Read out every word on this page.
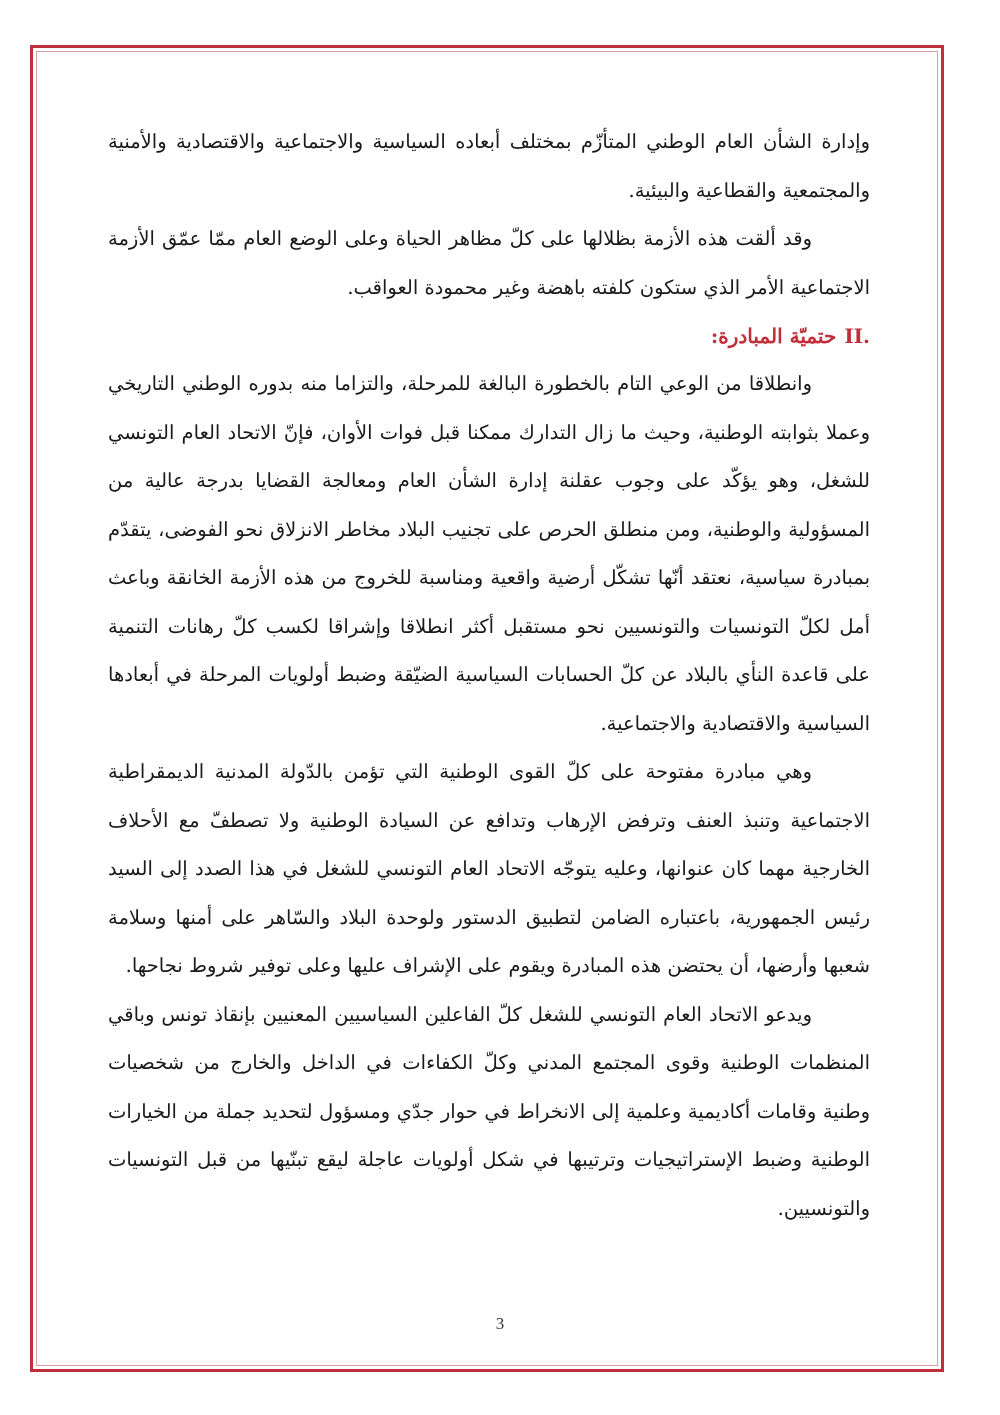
وإدارة الشأن العام الوطني المتأزّم بمختلف أبعاده السياسية والاجتماعية والاقتصادية والأمنية والمجتمعية والقطاعية والبيئية.

وقد ألقت هذه الأزمة بظلالها على كلّ مظاهر الحياة وعلى الوضع العام ممّا عمّق الأزمة الاجتماعية الأمر الذي ستكون كلفته باهضة وغير محمودة العواقب.

II.حتميّة المبادرة:

وانطلاقا من الوعي التام بالخطورة البالغة للمرحلة، والتزاما منه بدوره الوطني التاريخي وعملا بثوابته الوطنية، وحيث ما زال التدارك ممكنا قبل فوات الأوان، فإنّ الاتحاد العام التونسي للشغل، وهو يؤكّد على وجوب عقلنة إدارة الشأن العام ومعالجة القضايا بدرجة عالية من المسؤولية والوطنية، ومن منطلق الحرص على تجنيب البلاد مخاطر الانزلاق نحو الفوضى، يتقدّم بمبادرة سياسية، نعتقد أنّها تشكّل أرضية واقعية ومناسبة للخروج من هذه الأزمة الخانقة وباعث أمل لكلّ التونسيات والتونسيين نحو مستقبل أكثر انطلاقا وإشراقا لكسب كلّ رهانات التنمية على قاعدة النأي بالبلاد عن كلّ الحسابات السياسية الضيّقة وضبط أولويات المرحلة في أبعادها السياسية والاقتصادية والاجتماعية.

وهي مبادرة مفتوحة على كلّ القوى الوطنية التي تؤمن بالدّولة المدنية الديمقراطية الاجتماعية وتنبذ العنف وترفض الإرهاب وتدافع عن السيادة الوطنية ولا تصطفّ مع الأحلاف الخارجية مهما كان عنوانها، وعليه يتوجّه الاتحاد العام التونسي للشغل في هذا الصدد إلى السيد رئيس الجمهورية، باعتباره الضامن لتطبيق الدستور ولوحدة البلاد والسّاهر على أمنها وسلامة شعبها وأرضها، أن يحتضن هذه المبادرة ويقوم على الإشراف عليها وعلى توفير شروط نجاحها.

ويدعو الاتحاد العام التونسي للشغل كلّ الفاعلين السياسيين المعنيين بإنقاذ تونس وباقي المنظمات الوطنية وقوى المجتمع المدني وكلّ الكفاءات في الداخل والخارج من شخصيات وطنية وقامات أكاديمية وعلمية إلى الانخراط في حوار جدّي ومسؤول لتحديد جملة من الخيارات الوطنية وضبط الإستراتيجيات وترتيبها في شكل أولويات عاجلة ليقع تبنّيها من قبل التونسيات والتونسيين.

3
